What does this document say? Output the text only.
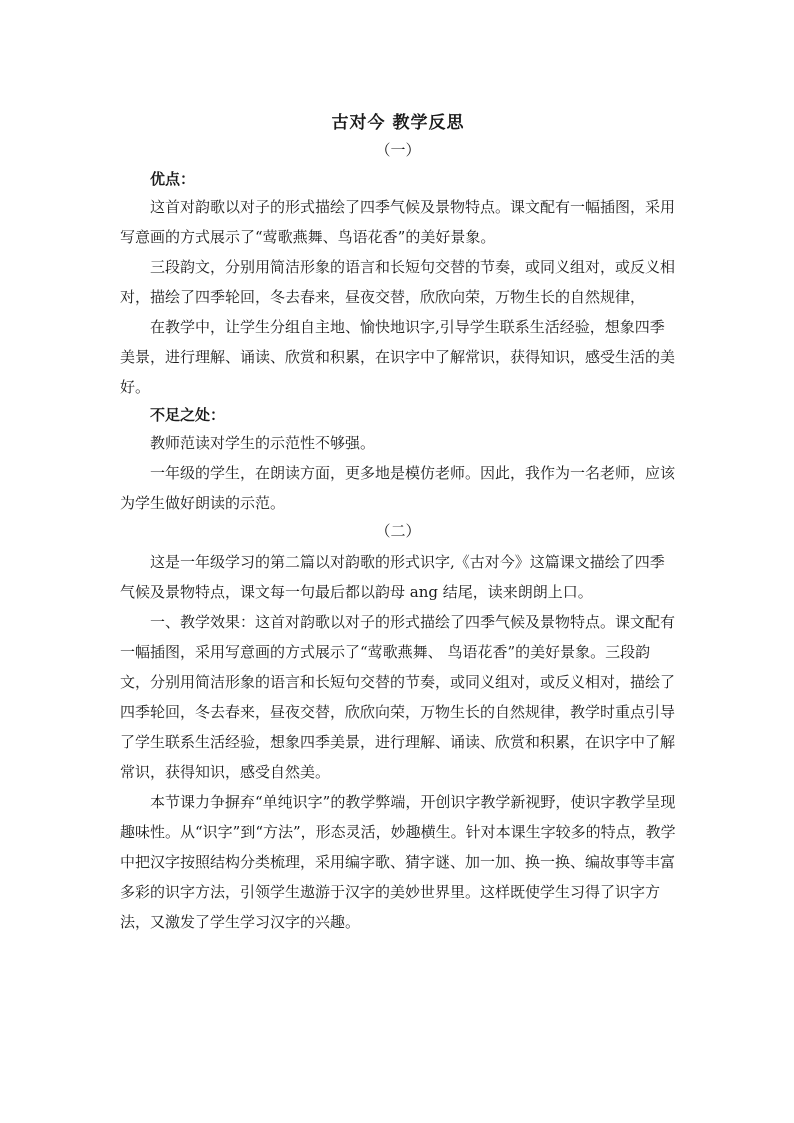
古对今 教学反思
（一）

优点：

这首对韵歌以对子的形式描绘了四季气候及景物特点。课文配有一幅插图，采用写意画的方式展示了“莺歌燕舞、鸟语花香”的美好景象。

三段韵文，分别用简洁形象的语言和长短句交替的节奏，或同义组对，或反义相对，描绘了四季轮回，冬去春来，昼夜交替，欣欣向荣，万物生长的自然规律，

在教学中，让学生分组自主地、愉快地识字,引导学生联系生活经验，想象四季美景，进行理解、诵读、欣赏和积累，在识字中了解常识，获得知识，感受生活的美好。

不足之处：

教师范读对学生的示范性不够强。

一年级的学生，在朗读方面，更多地是模仿老师。因此，我作为一名老师，应该为学生做好朗读的示范。

（二）

这是一年级学习的第二篇以对韵歌的形式识字,《古对今》这篇课文描绘了四季气候及景物特点，课文每一句最后都以韵母 ang 结尾，读来朗朗上口。

一、教学效果：这首对韵歌以对子的形式描绘了四季气候及景物特点。课文配有一幅插图，采用写意画的方式展示了“莺歌燕舞、 鸟语花香”的美好景象。三段韵文，分别用简洁形象的语言和长短句交替的节奏，或同义组对，或反义相对，描绘了四季轮回，冬去春来，昼夜交替，欣欣向荣，万物生长的自然规律，教学时重点引导了学生联系生活经验，想象四季美景，进行理解、诵读、欣赏和积累，在识字中了解常识，获得知识，感受自然美。

本节课力争摒弃“单纯识字”的教学弊端，开创识字教学新视野，使识字教学呈现趣味性。从“识字”到“方法”，形态灵活，妙趣横生。针对本课生字较多的特点，教学中把汉字按照结构分类梳理，采用编字歌、猜字谜、加一加、换一换、编故事等丰富多彩的识字方法，引领学生遨游于汉字的美妙世界里。这样既使学生习得了识字方法，又激发了学生学习汉字的兴趣。
